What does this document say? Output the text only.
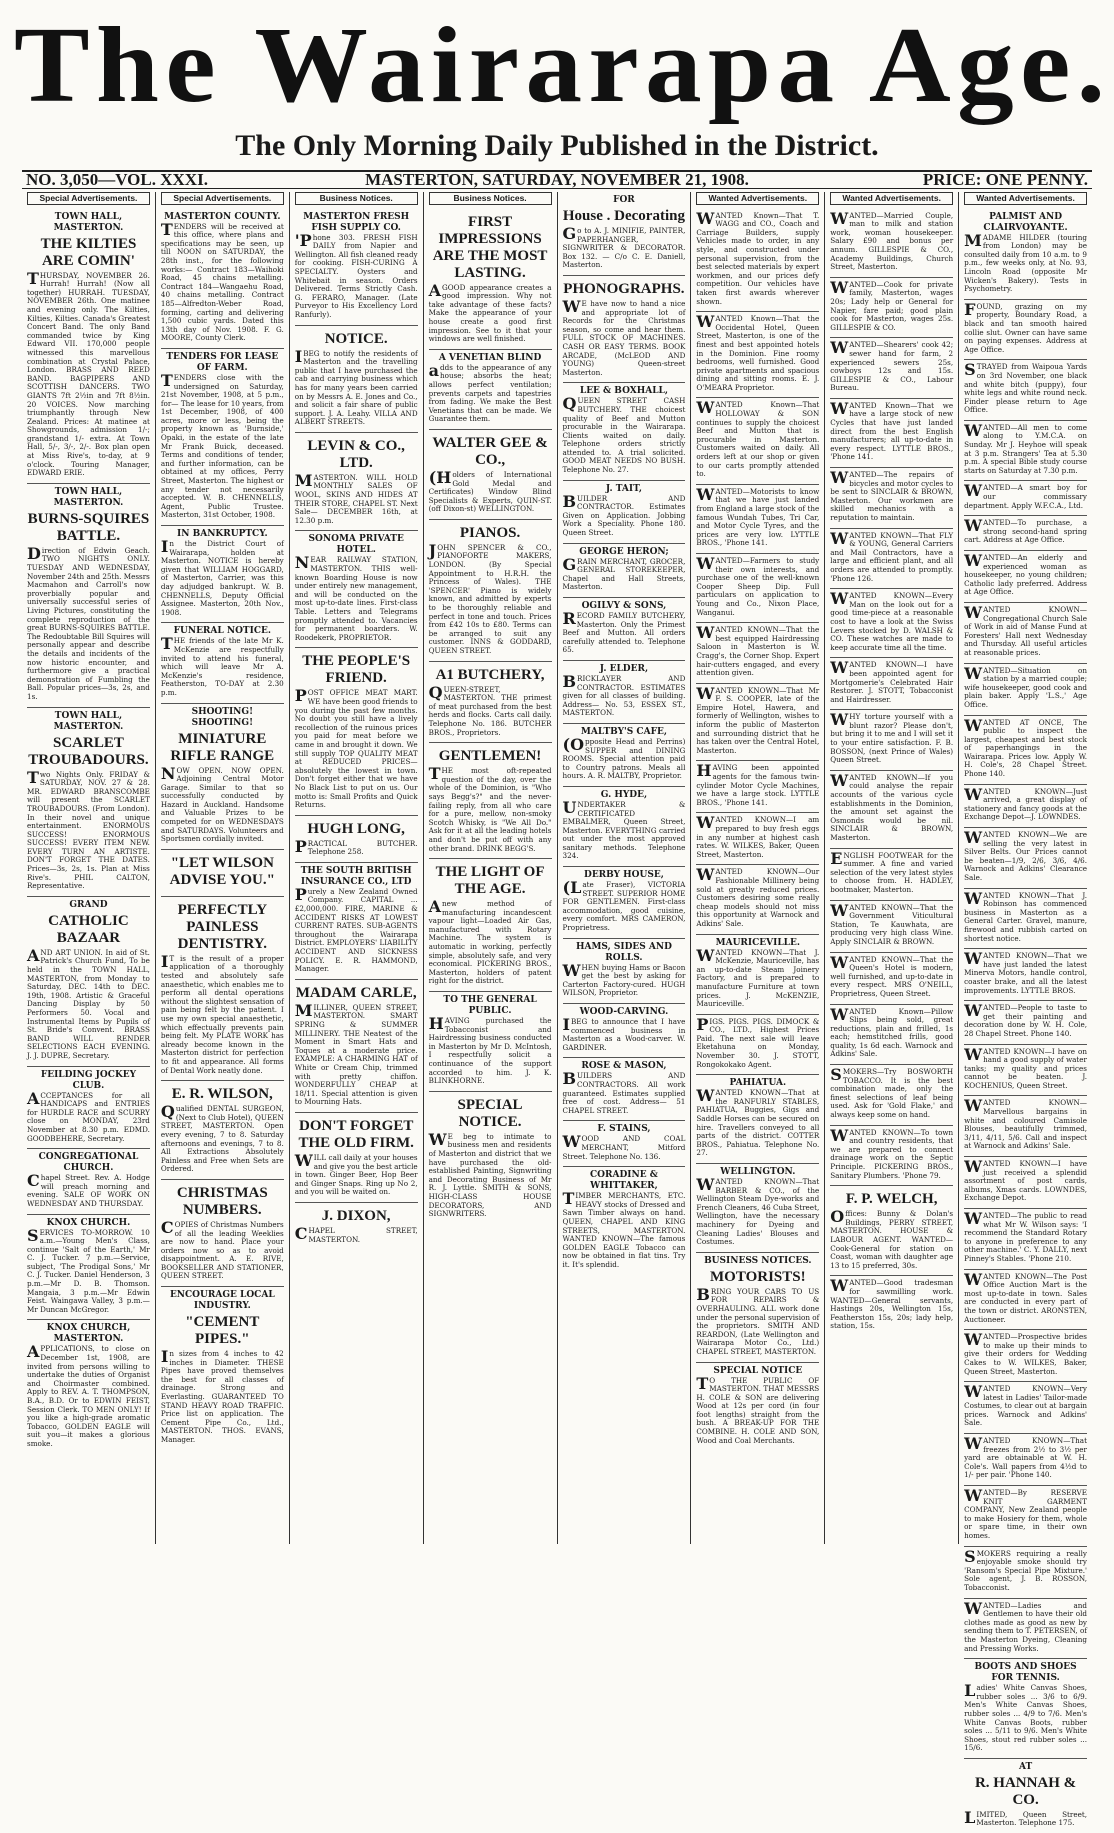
The Wairarapa Age.
The Only Morning Daily Published in the District.
NO. 3,050—VOL. XXXI.	MASTERTON, SATURDAY, NOVEMBER 21, 1908.	PRICE: ONE PENNY.
Special Advertisements.
TOWN HALL, MASTERTON.
THE KILTIES ARE COMIN'
THURSDAY, NOVEMBER 26. Hurrah! Hurrah! (Now all together) HURRAH. TUESDAY, NOVEMBER 26th. One matinee and evening only. The Kilties, Kilties, Kilties. Canada's Greatest Concert Band. The only Band commanded twice by King Edward VII. 170,000 people witnessed this marvellous combination at Crystal Palace, London. BRASS AND REED BAND. BAGPIPERS AND SCOTTISH DANCERS. TWO GIANTS 7ft 2½in and 7ft 8½in. 20 VOICES. Now marching triumphantly through New Zealand. Prices: At matinee at Showgrounds, admission 1/-; grandstand 1/- extra. At Town Hall, 5/-, 3/-, 2/-. Box plan open at Miss Rive's, to-day, at 9 o'clock. Touring Manager, EDWARD ERIE.
TOWN HALL, MASTERTON.
BURNS-SQUIRES BATTLE.
Direction of Edwin Geach. TWO NIGHTS ONLY. TUESDAY AND WEDNESDAY, November 24th and 25th. Messrs Macmahon and Carroll's now proverbially popular and universally successful series of Living Pictures, constituting the complete reproduction of the great BURNS-SQUIRES BATTLE. The Redoubtable Bill Squires will personally appear and describe the details and incidents of the now historic encounter, and furthermore give a practical demonstration of Fumbling the Ball. Popular prices—3s, 2s, and 1s.
TOWN HALL, MASTERTON.
SCARLET TROUBADOURS.
Two Nights Only. FRIDAY & SATURDAY, NOV. 27 & 28. MR. EDWARD BRANSCOMBE will present the SCARLET TROUBADOURS. (From London). In their novel and unique entertainment. ENORMOUS SUCCESS! ENORMOUS SUCCESS! EVERY ITEM NEW. EVERY TURN AN ARTISTE. DON'T FORGET THE DATES. Prices—3s, 2s, 1s. Plan at Miss Rive's. PHIL CALTON, Representative.
GRAND
CATHOLIC BAZAAR
AND ART UNION. In aid of St. Patrick's Church Fund, To be held in the TOWN HALL, MASTERTON, from Monday to Saturday, DEC. 14th to DEC. 19th, 1908. Artistic & Graceful Dancing Display by 50 Performers 50. Vocal and Instrumental Items by Pupils of St. Bride's Convent. BRASS BAND WILL RENDER SELECTIONS EACH EVENING. J. J. DUPRE, Secretary.
FEILDING JOCKEY CLUB.
ACCEPTANCES for all HANDICAPS and ENTRIES for HURDLE RACE and SCURRY close on MONDAY, 23rd November at 8.30 p.m. EDMD. GOODBEHERE, Secretary.
CONGREGATIONAL CHURCH.
Chapel Street. Rev. A. Hodge will preach morning and evening. SALE OF WORK ON WEDNESDAY AND THURSDAY.
KNOX CHURCH.
SERVICES TO-MORROW. 10 a.m.—Young Men's Class, continue 'Salt of the Earth,' Mr C. J. Tucker. 7 p.m.—Service, subject, 'The Prodigal Sons,' Mr C. J. Tucker. Daniel Henderson, 3 p.m.—Mr D. B. Thomson. Mangaia, 3 p.m.—Mr Edwin Feist. Waingawa Valley, 3 p.m.—Mr Duncan McGregor.
KNOX CHURCH, MASTERTON.
APPLICATIONS, to close on December 1st, 1908, are invited from persons willing to undertake the duties of Organist and Choirmaster combined. Apply to REV. A. T. THOMPSON, B.A., B.D. Or to EDWIN FEIST, Session Clerk. TO MEN ONLY! If you like a high-grade aromatic Tobacco, GOLDEN EAGLE will suit you—it makes a glorious smoke.
Special Advertisements.
MASTERTON COUNTY.
TENDERS will be received at this office, where plans and specifications may be seen, up till NOON on SATURDAY, the 28th inst., for the following works:— Contract 183—Waihoki Road, 45 chains metalling. Contract 184—Wangaehu Road, 40 chains metalling. Contract 185—Alfredton-Weber Road, forming, carting and delivering 1,500 cubic yards. Dated this 13th day of Nov. 1908. F. G. MOORE, County Clerk.
TENDERS FOR LEASE OF FARM.
TENDERS close with the undersigned on Saturday, 21st November, 1908, at 5 p.m., for— The lease for 10 years, from 1st December, 1908, of 400 acres, more or less, being the property known as 'Burnside,' Opaki, in the estate of the late Mr Frank Buick, deceased. Terms and conditions of tender, and further information, can be obtained at my offices, Perry Street, Masterton. The highest or any tender not necessarily accepted. W. B. CHENNELLS, Agent, Public Trustee. Masterton, 31st October, 1908.
IN BANKRUPTCY.
In the District Court of Wairarapa, holden at Masterton. NOTICE is hereby given that WILLIAM HOGGARD, of Masterton, Carrier, was this day adjudged bankrupt. W. B. CHENNELLS, Deputy Official Assignee. Masterton, 20th Nov., 1908.
FUNERAL NOTICE.
THE friends of the late Mr K. McKenzie are respectfully invited to attend his funeral, which will leave Mr A. McKenzie's residence, Featherston, TO-DAY at 2.30 p.m.
SHOOTING! SHOOTING!
MINIATURE RIFLE RANGE
NOW OPEN. NOW OPEN. Adjoining Central Motor Garage. Similar to that so successfully conducted by Hazard in Auckland. Handsome and Valuable Prizes to be competed for on WEDNESDAYS and SATURDAYS. Volunteers and Sportsmen cordially invited.
"LET WILSON ADVISE YOU."
PERFECTLY PAINLESS DENTISTRY.
IT is the result of a proper application of a thoroughly tested and absolutely safe anaesthetic, which enables me to perform all dental operations without the slightest sensation of pain being felt by the patient. I use my own special anaesthetic, which effectually prevents pain being felt. My PLATE WORK has already become known in the Masterton district for perfection to fit and appearance. All forms of Dental Work neatly done.
E. R. WILSON,
Qualified DENTAL SURGEON, (Next to Club Hotel), QUEEN STREET, MASTERTON. Open every evening, 7 to 8. Saturday afternoons and evenings, 7 to 8. All Extractions Absolutely Painless and Free when Sets are Ordered.
CHRISTMAS NUMBERS.
COPIES of Christmas Numbers of all the leading Weeklies are now to hand. Place your orders now so as to avoid disappointment. A. E. RIVE, BOOKSELLER AND STATIONER, QUEEN STREET.
ENCOURAGE LOCAL INDUSTRY.
"CEMENT PIPES."
In sizes from 4 inches to 42 inches in Diameter. THESE Pipes have proved themselves the best for all classes of drainage. Strong and Everlasting. GUARANTEED TO STAND HEAVY ROAD TRAFFIC. Price list on application. The Cement Pipe Co., Ltd., MASTERTON. THOS. EVANS, Manager.
Business Notices.
MASTERTON FRESH FISH SUPPLY CO.
'Phone 303. FRESH FISH DAILY from Napier and Wellington. All fish cleaned ready for cooking. FISH-CURING A SPECIALTY. Oysters and Whitebait in season. Orders Delivered. Terms Strictly Cash. G. FERARO, Manager. (Late Purveyor to His Excellency Lord Ranfurly).
NOTICE.
IBEG to notify the residents of Masterton and the travelling public that I have purchased the cab and carrying business which has for many years been carried on by Messrs A. E. Jones and Co., and solicit a fair share of public support. J. A. Leahy. VILLA AND ALBERT STREETS.
LEVIN & CO., LTD.
MASTERTON. WILL HOLD MONTHLY SALES OF WOOL, SKINS AND HIDES AT THEIR STORE, CHAPEL ST. Next Sale— DECEMBER 16th, at 12.30 p.m.
SONOMA PRIVATE HOTEL.
NEAR RAILWAY STATION, MASTERTON. THIS well-known Boarding House is now under entirely new management, and will be conducted on the most up-to-date lines. First-class Table. Letters and Telegrams promptly attended to. Vacancies for permanent boarders. W. Roodekerk, PROPRIETOR.
THE PEOPLE'S FRIEND.
POST OFFICE MEAT MART. WE have been good friends to you during the past few months. No doubt you still have a lively recollection of the ruinous prices you paid for meat before we came in and brought it down. We still supply TOP QUALITY MEAT at REDUCED PRICES—absolutely the lowest in town. Don't forget either that we have No Black List to put on us. Our motto is: Small Profits and Quick Returns.
HUGH LONG,
PRACTICAL BUTCHER. Telephone 258.
THE SOUTH BRITISH INSURANCE CO., LTD
Purely a New Zealand Owned Company. CAPITAL ... £2,000,000. FIRE, MARINE & ACCIDENT RISKS AT LOWEST CURRENT RATES. SUB-AGENTS throughout the Wairarapa District. EMPLOYERS' LIABILITY ACCIDENT AND SICKNESS POLICY. E. R. HAMMOND, Manager.
MADAM CARLE,
MILLINER, QUEEN STREET, MASTERTON. SMART SPRING & SUMMER MILLINERY. THE Neatest of the Moment in Smart Hats and Toques at a moderate price. EXAMPLE: A CHARMING HAT of White or Cream Chip, trimmed with pretty chiffon. WONDERFULLY CHEAP at 18/11. Special attention is given to Mourning Hats.
DON'T FORGET THE OLD FIRM.
WILL call daily at your houses and give you the best article in town. Ginger Beer, Hop Beer and Ginger Snaps. Ring up No 2, and you will be waited on.
J. DIXON,
CHAPEL STREET, MASTERTON.
Business Notices.
FIRST IMPRESSIONS ARE THE MOST LASTING.
AGOOD appearance creates a good impression. Why not take advantage of these facts? Make the appearance of your house create a good first impression. See to it that your windows are well finished.
A VENETIAN BLIND
adds to the appearance of any house; absorbs the heat; allows perfect ventilation; prevents carpets and tapestries from fading. We make the Best Venetians that can be made. We Guarantee them.
WALTER GEE & CO.,
(Holders of International Gold Medal and Certificates) Window Blind Specialists & Experts, QUIN-ST. (off Dixon-st) WELLINGTON.
PIANOS.
JOHN SPENCER & CO., PIANOFORTE MAKERS, LONDON. (By Special Appointment to H.R.H. the Princess of Wales). THE 'SPENCER' Piano is widely known, and admitted by experts to be thoroughly reliable and perfect in tone and touch. Prices from £42 10s to £80. Terms can be arranged to suit any customer. INNS & GODDARD, QUEEN STREET.
A1 BUTCHERY,
QUEEN-STREET, MASTERTON. THE primest of meat purchased from the best herds and flocks. Carts call daily. Telephone No. 186. BUTCHER BROS., Proprietors.
GENTLEMEN!
THE most oft-repeated question of the day, over the whole of the Dominion, is "Who says Begg's?" and the never-failing reply, from all who care for a pure, mellow, non-smoky Scotch Whisky, is "We All Do." Ask for it at all the leading hotels and don't be put off with any other brand. DRINK BEGG'S.
THE LIGHT OF THE AGE.
Anew method of manufacturing incandescent vapour light—Loaded Air Gas, manufactured with Rotary Machine. The system is automatic in working, perfectly simple, absolutely safe, and very economical. PICKERING BROS., Masterton, holders of patent right for the district.
TO THE GENERAL PUBLIC.
HAVING purchased the Tobacconist and Hairdressing business conducted in Masterton by Mr D. McIntosh, I respectfully solicit a continuance of the support accorded to him. J. K. BLINKHORNE.
SPECIAL NOTICE.
WE beg to intimate to business men and residents of Masterton and district that we have purchased the old-established Painting, Signwriting and Decorating Business of Mr R. J. Lyttle. SMITH & SONS, HIGH-CLASS HOUSE DECORATORS, AND SIGNWRITERS.
FOR
House . Decorating
Go to A. J. MINIFIE, PAINTER, PAPERHANGER, SIGNWRITER & DECORATOR. Box 132. — C/o C. E. Daniell, Masterton.
PHONOGRAPHS.
WE have now to hand a nice and appropriate lot of Records for the Christmas season, so come and hear them. FULL STOCK OF MACHINES. CASH OR EASY TERMS. BOOK ARCADE, (McLEOD AND YOUNG) Queen-street Masterton.
LEE & BOXHALL,
QUEEN STREET CASH BUTCHERY. THE choicest quality of Beef and Mutton procurable in the Wairarapa. Clients waited on daily. Telephone orders strictly attended to. A trial solicited. GOOD MEAT NEEDS NO BUSH. Telephone No. 27.
J. TAIT,
BUILDER AND CONTRACTOR. Estimates Given on Application. Jobbing Work a Speciality. Phone 180. Queen Street.
GEORGE HERON;
GRAIN MERCHANT, GROCER, GENERAL STOREKEEPER, Chapel and Hall Streets, Masterton.
OGILVY & SONS,
RECORD FAMILY BUTCHERY, Masterton. Only the Primest Beef and Mutton. All orders carefully attended to. Telephone 65.
J. ELDER,
BRICKLAYER AND CONTRACTOR. ESTIMATES given for all classes of building. Address— No. 53, ESSEX ST., MASTERTON.
MALTBY'S CAFE,
(Opposite Head and Perrins) SUPPER and DINING ROOMS. Special attention paid to Country patrons. Meals all hours. A. R. MALTBY, Proprietor.
G. HYDE,
UNDERTAKER & CERTIFICATED EMBALMER, Queen Street, Masterton. EVERYTHING carried out under the most approved sanitary methods. Telephone 324.
DERBY HOUSE,
(Late Fraser), VICTORIA STREET. SUPERIOR HOME FOR GENTLEMEN. First-class accommodation, good cuisine, every comfort. MRS CAMERON, Proprietress.
HAMS, SIDES AND ROLLS.
WHEN buying Hams or Bacon get the best by asking for Carterton Factory-cured. HUGH WILSON, Proprietor.
WOOD-CARVING.
IBEG to announce that I have commenced business in Masterton as a Wood-carver. W. GARDINER.
ROSE & MASON,
BUILDERS AND CONTRACTORS. All work guaranteed. Estimates supplied free of cost. Address— 51 CHAPEL STREET.
F. STAINS,
WOOD AND COAL MERCHANT, Mitford Street. Telephone No. 136.
CORADINE & WHITTAKER,
TIMBER MERCHANTS, ETC. HEAVY stocks of Dressed and Sawn Timber always on hand. QUEEN, CHAPEL AND KING STREETS, MASTERTON. WANTED KNOWN—The famous GOLDEN EAGLE Tobacco can now be obtained in flat tins. Try it. It's splendid.
Wanted Advertisements.
WANTED Known—That T. WAGG and CO., Coach and Carriage Builders, supply Vehicles made to order, in any style, and constructed under personal supervision, from the best selected materials by expert workmen, and our prices defy competition. Our vehicles have taken first awards wherever shown.
WANTED Known—That the Occidental Hotel, Queen Street, Masterton, is one of the finest and best appointed hotels in the Dominion. Fine roomy bedrooms, well furnished. Good private apartments and spacious dining and sitting rooms. E. J. O'MEARA Proprietor.
WANTED Known—That HOLLOWAY & SON continues to supply the choicest Beef and Mutton that is procurable in Masterton. Customers waited on daily. All orders left at our shop or given to our carts promptly attended to.
WANTED—Motorists to know that we have just landed from England a large stock of the famous Wundah Tubes, Tri Car, and Motor Cycle Tyres, and the prices are very low. LYTTLE BROS., 'Phone 141.
WANTED—Farmers to study their own interests, and purchase one of the well-known Cooper Sheep Dip. Full particulars on application to Young and Co., Nixon Place, Wanganui.
WANTED KNOWN—That the best equipped Hairdressing Saloon in Masterton is W. Cragg's, the Corner Shop. Expert hair-cutters engaged, and every attention given.
WANTED KNOWN—That Mr F. S. COOPER, late of the Empire Hotel, Hawera, and formerly of Wellington, wishes to inform the public of Masterton and surrounding district that he has taken over the Central Hotel, Masterton.
HAVING been appointed agents for the famous twin-cylinder Motor Cycle Machines, we have a large stock. LYTTLE BROS., 'Phone 141.
WANTED KNOWN—I am prepared to buy fresh eggs in any number at highest cash rates. W. WILKES, Baker, Queen Street, Masterton.
WANTED KNOWN—Our Fashionable Millinery being sold at greatly reduced prices. Customers desiring some really cheap models should not miss this opportunity at Warnock and Adkins' Sale.
MAURICEVILLE.
WANTED KNOWN—That J. McKenzie, Mauriceville, has an up-to-date Steam Joinery Factory, and is prepared to manufacture Furniture at town prices. J. McKENZIE, Mauriceville.
PIGS. PIGS. PIGS. DIMOCK & CO., LTD., Highest Prices Paid. The next sale will leave Eketahuna on Monday, November 30. J. STOTT, Rongokokako Agent.
PAHIATUA.
WANTED KNOWN—That at the RANFURLY STABLES, PAHIATUA, Buggies, Gigs and Saddle Horses can be secured on hire. Travellers conveyed to all parts of the district. COTTER BROS., Pahiatua. Telephone No. 27.
WELLINGTON.
WANTED KNOWN—That BARBER & CO., of the Wellington Steam Dye-works and French Cleaners, 46 Cuba Street, Wellington, have the necessary machinery for Dyeing and Cleaning Ladies' Blouses and Costumes.
BUSINESS NOTICES.
MOTORISTS!
BRING YOUR CARS TO US FOR REPAIRS & OVERHAULING. ALL work done under the personal supervision of the proprietors. SMITH AND REARDON, (Late Wellington and Wairarapa Motor Co., Ltd.) CHAPEL STREET, MASTERTON.
SPECIAL NOTICE
TO THE PUBLIC OF MASTERTON. THAT MESSRS H. COLE & SON are delivering Wood at 12s per cord (in four foot lengths) straight from the bush. A BREAK-UP FOR THE COMBINE. H. COLE AND SON, Wood and Coal Merchants.
Wanted Advertisements.
WANTED—Married Couple, man to milk and station work, woman housekeeper. Salary £90 and bonus per annum. GILLESPIE & CO., Academy Buildings, Church Street, Masterton.
WANTED—Cook for private family, Masterton, wages 20s; Lady help or General for Napier, fare paid; good plain cook for Masterton, wages 25s. GILLESPIE & CO.
WANTED—Shearers' cook 42; sewer hand for farm, 2 experienced sewers 25s, cowboys 12s and 15s. GILLESPIE & CO., Labour Bureau.
WANTED Known—That we have a large stock of new Cycles that have just landed direct from the best English manufacturers; all up-to-date in every respect. LYTTLE BROS., 'Phone 141.
WANTED—The repairs of bicycles and motor cycles to be sent to SINCLAIR & BROWN, Masterton. Our workmen are skilled mechanics with a reputation to maintain.
WANTED KNOWN—That FLY & YOUNG, General Carriers and Mail Contractors, have a large and efficient plant, and all orders are attended to promptly. 'Phone 126.
WANTED KNOWN—Every Man on the look out for a good time-piece at a reasonable cost to have a look at the Swiss Levers stocked by D. WALSH & CO. These watches are made to keep accurate time all the time.
WANTED KNOWN—I have been appointed agent for Mortgomerie's Celebrated Hair Restorer. J. STOTT, Tobacconist and Hairdresser.
WHY torture yourself with a blunt razor? Please don't, but bring it to me and I will set it to your entire satisfaction. F. B. BOSSON, (next Prince of Wales) Queen Street.
WANTED KNOWN—If you could analyse the repair accounts of the various cycle establishments in the Dominion, the amount set against the Osmonds would be nil. SINCLAIR & BROWN, Masterton.
ENGLISH FOOTWEAR for the summer. A fine and varied selection of the very latest styles to choose from. H. HADLEY, bootmaker, Masterton.
WANTED KNOWN—That the Government Viticultural Station, Te Kauwhata, are producing very high class Wine. Apply SINCLAIR & BROWN.
WANTED KNOWN—That the Queen's Hotel is modern, well furnished, and up-to-date in every respect. MRS O'NEILL, Proprietress, Queen Street.
WANTED Known—Pillow Slips being sold, great reductions, plain and frilled, 1s each; hemstitched frills, good quality, 1s 6d each. Warnock and Adkins' Sale.
SMOKERS—Try BOSWORTH TOBACCO. It is the best combination made, only the finest selections of leaf being used. Ask for 'Gold Flake,' and always keep some on hand.
WANTED KNOWN—To town and country residents, that we are prepared to connect drainage work on the Septic Principle. PICKERING BROS., Sanitary Plumbers. 'Phone 79.
F. P. WELCH,
Offices: Bunny & Dolan's Buildings, PERRY STREET, MASTERTON. HOUSE & LABOUR AGENT. WANTED—Cook-General for station on Coast, woman with daughter age 13 to 15 preferred, 30s.
WANTED—Good tradesman for sawmilling work. WANTED—General servants, Hastings 20s, Wellington 15s, Featherston 15s, 20s; lady help, station, 15s.
Wanted Advertisements.
PALMIST AND CLAIRVOYANTE.
MADAME HILDER (touring from London) may be consulted daily from 10 a.m. to 9 p.m., few weeks only, at No. 93, Lincoln Road (opposite Mr Wicken's Bakery). Tests in Psychometry.
FOUND, grazing on my property, Boundary Road, a black and tan smooth haired collie slut. Owner can have same on paying expenses. Address at Age Office.
STRAYED from Waipoua Yards on 3rd November, one black and white bitch (puppy), four white legs and white round neck. Finder please return to Age Office.
WANTED—All men to come along to Y.M.C.A. on Sunday. Mr J. Heyhoe will speak at 3 p.m. Strangers' Tea at 5.30 p.m. A special Bible study course starts on Saturday at 7.30 p.m.
WANTED—A smart boy for our commissary department. Apply W.F.C.A., Ltd.
WANTED—To purchase, a strong second-hand spring cart. Address at Age Office.
WANTED—An elderly and experienced woman as housekeeper, no young children; Catholic lady preferred. Address at Age Office.
WANTED KNOWN—Congregational Church Sale of Work in aid of Manse Fund at Foresters' Hall next Wednesday and Thursday. All useful articles at reasonable prices.
WANTED—Situation on station by a married couple; wife housekeeper, good cook and plain baker. Apply 'L.S.,' Age Office.
WANTED AT ONCE, The public to inspect the largest, cheapest and best stock of paperhangings in the Wairarapa. Prices low. Apply W. H. Cole's, 28 Chapel Street. Phone 140.
WANTED KNOWN—Just arrived, a great display of stationery and fancy goods at the Exchange Depot—J. LOWNDES.
WANTED KNOWN—We are selling the very latest in Silver Belts. Our Prices cannot be beaten—1/9, 2/6, 3/6, 4/6. Warnock and Adkins' Clearance Sale.
WANTED KNOWN—That J. Robinson has commenced business in Masterton as a General Carter. Gravel, manure, firewood and rubbish carted on shortest notice.
WANTED KNOWN—That we have just landed the latest Minerva Motors, handle control, coaster brake, and all the latest improvements. LYTTLE BROS.
WANTED—People to taste to get their painting and decoration done by W. H. Cole, 28 Chapel Street. Phone 140.
WANTED KNOWN—I have on hand a good supply of water tanks; my quality and prices cannot be beaten. J. KOCHENIUS, Queen Street.
WANTED KNOWN—Marvellous bargains in white and coloured Camisole Blouses, beautifully trimmed, 3/11, 4/11, 5/6. Call and inspect at Warnock and Adkins' Sale.
WANTED KNOWN—I have just received a splendid assortment of post cards, albums, Xmas cards. LOWNDES, Exchange Depot.
WANTED—The public to read what Mr W. Wilson says: 'I recommend the Standard Rotary to anyone in preference to any other machine.' C. Y. DALLY, next Pinney's Stables. 'Phone 210.
WANTED KNOWN—The Post Office Auction Mart is the most up-to-date in town. Sales are conducted in every part of the town or district. ARONSTEN, Auctioneer.
WANTED—Prospective brides to make up their minds to give their orders for Wedding Cakes to W. WILKES, Baker, Queen Street, Masterton.
WANTED KNOWN—Very latest in Ladies' Tailor-made Costumes, to clear out at bargain prices. Warnock and Adkins' Sale.
WANTED KNOWN—That freezes from 2½ to 3½ per yard are obtainable at W. H. Cole's. Wall papers from 4½d to 1/- per pair. 'Phone 140.
WANTED—By RESERVE KNIT GARMENT COMPANY, New Zealand people to make Hosiery for them, whole or spare time, in their own homes.
SMOKERS requiring a really enjoyable smoke should try 'Ransom's Special Pipe Mixture.' Sole agent, J. B. ROSSON, Tobacconist.
WANTED—Ladies and Gentlemen to have their old clothes made as good as new by sending them to T. PETERSEN, of the Masterton Dyeing, Cleaning and Pressing Works.
BOOTS AND SHOES FOR TENNIS.
Ladies' White Canvas Shoes, rubber soles ... 3/6 to 6/9. Men's White Canvas Shoes, rubber soles ... 4/9 to 7/6. Men's White Canvas Boots, rubber soles ... 5/11 to 9/6. Men's White Shoes, stout red rubber soles ... 15/6.
AT
R. HANNAH & CO.
LIMITED, Queen Street, Masterton. Telephone 175.
